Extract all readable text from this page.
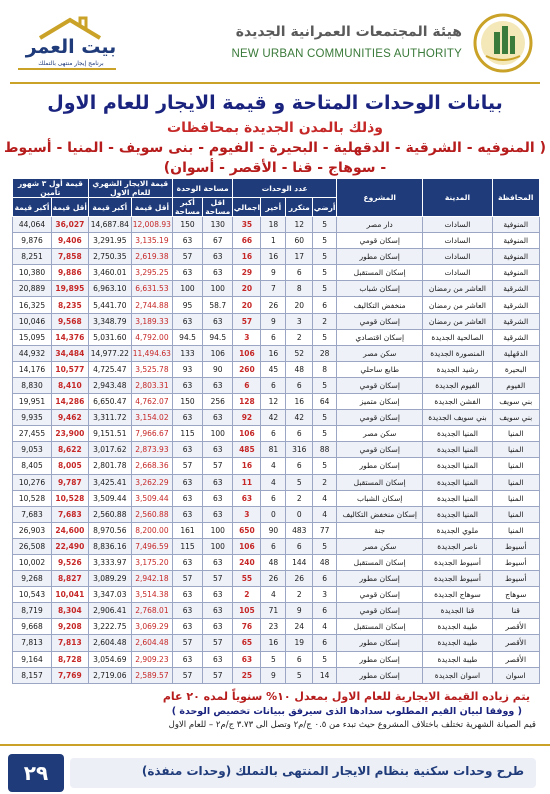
هيئة المجتمعات العمرانية الجديدة
NEW URBAN COMMUNITIES AUTHORITY
بيت العمر
برنامج إيجار منتهى بالتملك
بيانات الوحدات المتاحة و قيمة الايجار للعام الاول
وذلك بالمدن الجديدة بمحافظات
( المنوفيه - الشرقية - الدقهلية - البحيرة - الفيوم - بنى سويف - المنيا - أسيوط
- سوهاج - قنا - الأقصر - أسوان)
المحافظة	المدينة	المشروع	عدد الوحدات				مساحة الوحدة		قيمة الايجار الشهري للعام الاول		قيمة أول ٣ شهور تأمين	
			أرضي	متكرر	أخير	اجمالي	اقل مساحة	أكبر مساحة	أقل قيمة	أكبر قيمة	أقل قيمة	أكبر قيمة
المنوفية	السادات	دار مصر	5	12	18	35	130	150	12,008.93	14,687.84	36,027	44,064
المنوفية	السادات	إسكان قومي	5	60	1	66	67	63	3,135.19	3,291.95	9,406	9,876
المنوفية	السادات	إسكان مطور	5	17	16	16	63	57	2,619.38	2,750.35	7,858	8,251
المنوفية	السادات	إسكان المستقبل	5	6	9	29	63	63	3,295.25	3,460.01	9,886	10,380
الشرقية	العاشر من رمضان	إسكان شباب	5	8	7	20	100	100	6,631.53	6,963.10	19,895	20,889
الشرقية	العاشر من رمضان	منخفض التكاليف	6	20	26	20	58.7	95	2,744.88	5,441.70	8,235	16,325
الشرقية	العاشر من رمضان	إسكان قومي	2	3	9	57	63	63	3,189.33	3,348.79	9,568	10,046
الشرقية	الصالحية الجديدة	إسكان اقتصادي	5	2	6	3	94.5	94.5	4,792.00	5,031.60	14,376	15,095
الدقهلية	المنصورة الجديدة	سكن مصر	28	52	16	106	106	133	11,494.63	14,977.22	34,484	44,932
البحيرة	رشيد الجديدة	طابع ساحلي	8	48	45	260	90	93	3,525.78	4,725.47	10,577	14,176
الفيوم	الفيوم الجديدة	إسكان قومي	5	6	6	6	63	63	2,803.31	2,943.48	8,410	8,830
بني سويف	الفشن الجديدة	إسكان متميز	64	16	12	128	256	150	4,762.07	6,650.47	14,286	19,951
بني سويف	بني سويف الجديدة	إسكان قومي	5	42	42	92	63	63	3,154.02	3,311.72	9,462	9,935
المنيا	المنيا الجديدة	سكن مصر	5	6	6	106	100	115	7,966.67	9,151.51	23,900	27,455
المنيا	المنيا الجديدة	إسكان قومي	88	316	81	485	63	63	2,873.93	3,017.62	8,622	9,053
المنيا	المنيا الجديدة	إسكان مطور	5	6	4	16	57	57	2,668.36	2,801.78	8,005	8,405
المنيا	المنيا الجديدة	إسكان المستقبل	2	5	4	11	63	63	3,262.29	3,425.41	9,787	10,276
المنيا	المنيا الجديدة	إسكان الشباب	4	2	6	63	63	63	3,509.44	3,509.44	10,528	10,528
المنيا	المنيا الجديدة	إسكان منخفض التكاليف	4	0	0	3	63	63	2,560.88	2,560.88	7,683	7,683
المنيا	ملوي الجديدة	جنة	77	483	90	650	100	161	8,200.00	8,970.56	24,600	26,903
أسيوط	ناصر الجديدة	سكن مصر	5	6	6	106	100	115	7,496.59	8,836.16	22,490	26,508
أسيوط	أسيوط الجديدة	إسكان المستقبل	48	144	48	240	63	63	3,175.20	3,333.97	9,526	10,002
أسيوط	أسيوط الجديدة	إسكان مطور	6	26	26	55	57	57	2,942.18	3,089.29	8,827	9,268
سوهاج	سوهاج الجديدة	إسكان قومي	3	2	4	2	63	63	3,514.38	3,347.03	10,041	10,543
قنا	قنا الجديدة	إسكان قومي	6	9	71	105	63	63	2,768.01	2,906.41	8,304	8,719
الأقصر	طيبة الجديدة	إسكان المستقبل	4	24	23	76	63	63	3,069.29	3,222.75	9,208	9,668
الأقصر	طيبة الجديدة	إسكان مطور	6	19	16	65	57	57	2,604.48	2,604.48	7,813	7,813
الأقصر	طيبة الجديدة	إسكان مطور	5	6	5	63	63	63	2,909.23	3,054.69	8,728	9,164
اسوان	اسوان الجديدة	إسكان مطور	14	5	9	25	57	57	2,589.57	2,719.06	7,769	8,157
يتم زياده القيمة الايجارية للعام الاول بمعدل ١٠% سنوياً لمده ٢٠ عام
( ووفقا لبيان القيم المطلوب سدادها الذى سيرفق ببيانات تخصيص الوحدة )
قيم الصيانة الشهرية تختلف باختلاف المشروع حيث تبدء من ٠.٥ ج/م٢ وتصل الى ٣.٧٣ ج/م٢ – للعام الاول
طرح وحدات سكنية بنظام الايجار المنتهى بالتملك (وحدات منفذة)
٢٩
